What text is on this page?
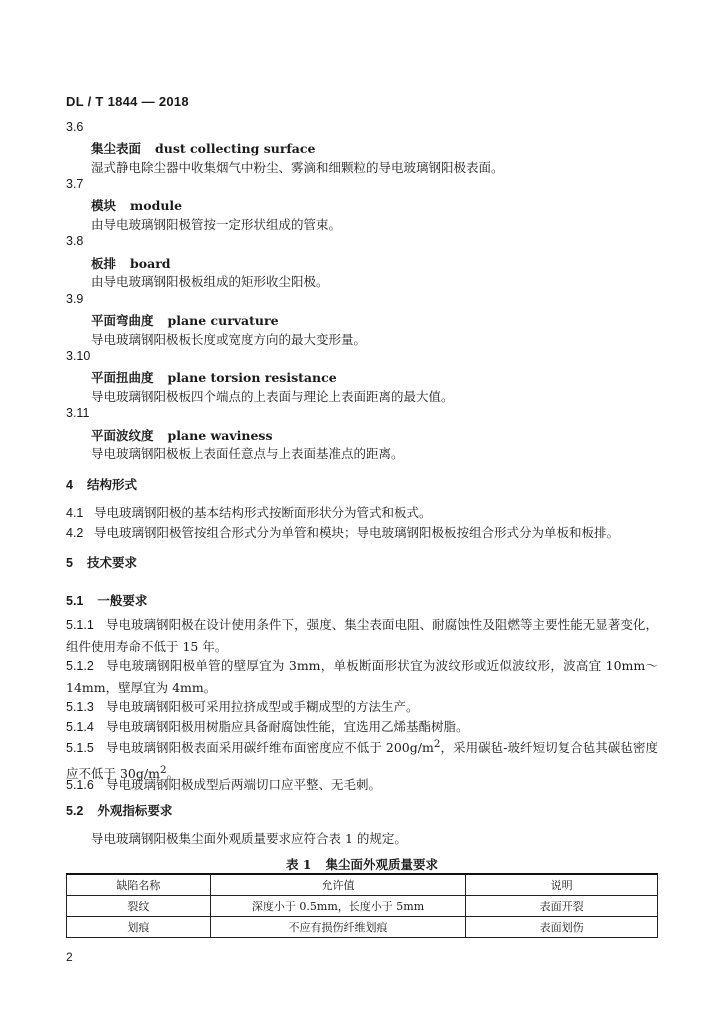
DL / T 1844 — 2018
3.6
集尘表面 dust collecting surface
湿式静电除尘器中收集烟气中粉尘、雾滴和细颗粒的导电玻璃钢阳极表面。
3.7
模块 module
由导电玻璃钢阳极管按一定形状组成的管束。
3.8
板排 board
由导电玻璃钢阳极板组成的矩形收尘阳极。
3.9
平面弯曲度 plane curvature
导电玻璃钢阳极板长度或宽度方向的最大变形量。
3.10
平面扭曲度 plane torsion resistance
导电玻璃钢阳极板四个端点的上表面与理论上表面距离的最大值。
3.11
平面波纹度 plane waviness
导电玻璃钢阳极板上表面任意点与上表面基准点的距离。
4 结构形式
4.1 导电玻璃钢阳极的基本结构形式按断面形状分为管式和板式。
4.2 导电玻璃钢阳极管按组合形式分为单管和模块；导电玻璃钢阳极板按组合形式分为单板和板排。
5 技术要求
5.1 一般要求
5.1.1 导电玻璃钢阳极在设计使用条件下，强度、集尘表面电阻、耐腐蚀性及阻燃等主要性能无显著变化，组件使用寿命不低于 15 年。
5.1.2 导电玻璃钢阳极单管的壁厚宜为 3mm，单板断面形状宜为波纹形或近似波纹形，波高宜 10mm～14mm，壁厚宜为 4mm。
5.1.3 导电玻璃钢阳极可采用拉挤成型或手糊成型的方法生产。
5.1.4 导电玻璃钢阳极用树脂应具备耐腐蚀性能，宜选用乙烯基酯树脂。
5.1.5 导电玻璃钢阳极表面采用碳纤维布面密度应不低于 $200g/m^2$，采用碳毡-玻纤短切复合毡其碳毡密度应不低于 $30g/m^2$。
5.1.6 导电玻璃钢阳极成型后两端切口应平整、无毛刺。
5.2 外观指标要求
导电玻璃钢阳极集尘面外观质量要求应符合表 1 的规定。
表 1 集尘面外观质量要求
缺陷名称	允许值	说明
裂纹	深度小于 0.5mm，长度小于 5mm	表面开裂
划痕	不应有损伤纤维划痕	表面划伤
2
